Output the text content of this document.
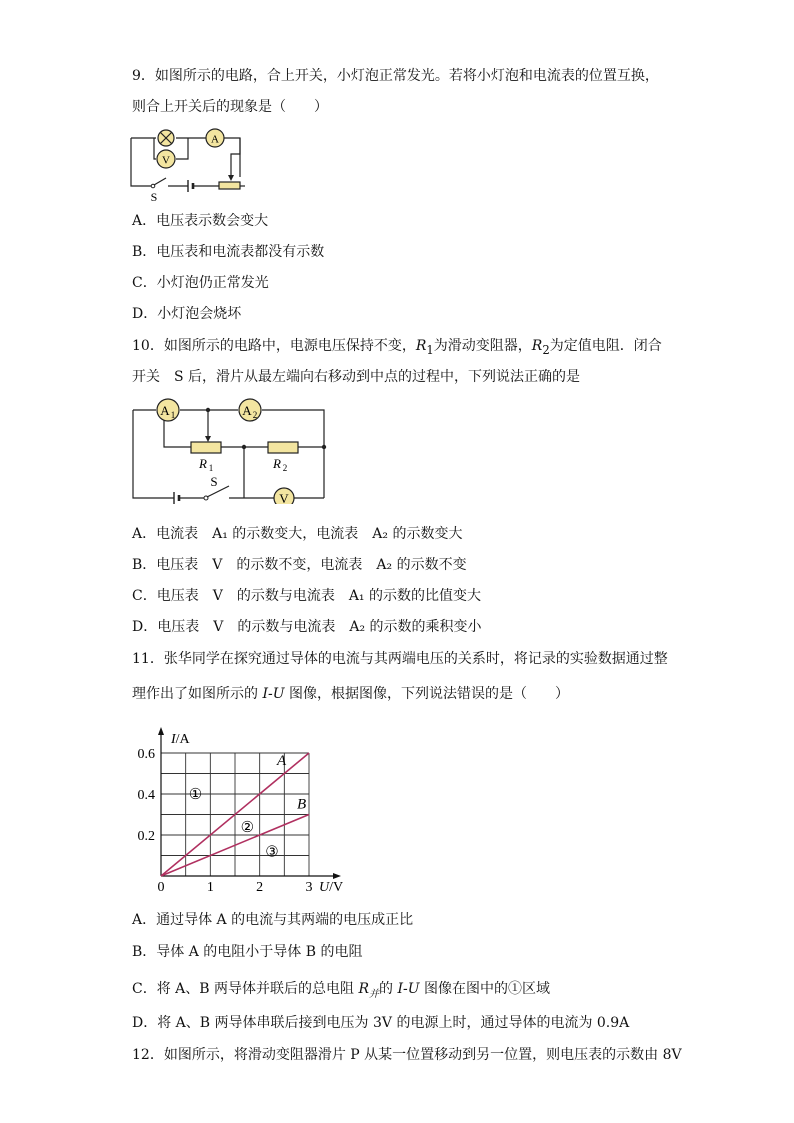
9．如图所示的电路，合上开关，小灯泡正常发光。若将小灯泡和电流表的位置互换，
则合上开关后的现象是（　　）
A
V
S
A．电压表示数会变大
B．电压表和电流表都没有示数
C．小灯泡仍正常发光
D．小灯泡会烧坏
10．如图所示的电路中，电源电压保持不变，$R_1$为滑动变阻器，$R_2$为定值电阻．闭合
开关　S 后，滑片从最左端向右移动到中点的过程中，下列说法正确的是
A 1	A 2
V
S
R 1	R 2
A．电流表　A₁ 的示数变大，电流表　A₂ 的示数变大
B．电压表　V　的示数不变，电流表　A₂ 的示数不变
C．电压表　V　的示数与电流表　A₁ 的示数的比值变大
D．电压表　V　的示数与电流表　A₂ 的示数的乘积变小
11．张华同学在探究通过导体的电流与其两端电压的关系时，将记录的实验数据通过整
理作出了如图所示的 I-U 图像，根据图像，下列说法错误的是（　　）
1	2	3
0.2
0.4
0.6
0
I/A
U/V
A
B
①
②
③
A．通过导体 A 的电流与其两端的电压成正比
B．导体 A 的电阻小于导体 B 的电阻
C．将 A、B 两导体并联后的总电阻 $R_并$的 I-U 图像在图中的①区域
D．将 A、B 两导体串联后接到电压为 3V 的电源上时，通过导体的电流为 0.9A
12．如图所示，将滑动变阻器滑片 P 从某一位置移动到另一位置，则电压表的示数由 8V
